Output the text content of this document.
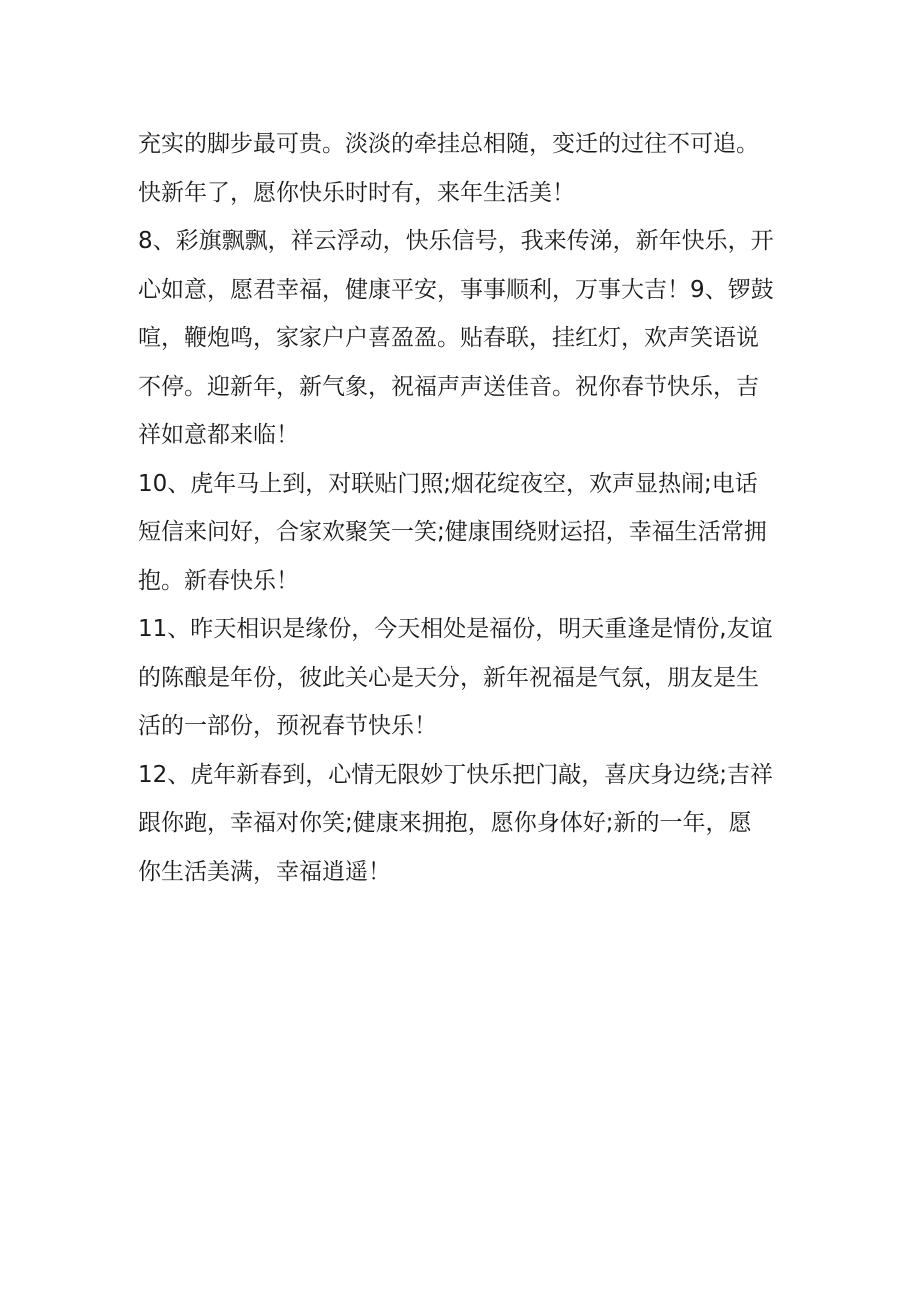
充实的脚步最可贵。淡淡的牵挂总相随，变迁的过往不可追。
快新年了，愿你快乐时时有，来年生活美！
8、彩旗飘飘，祥云浮动，快乐信号，我来传涕，新年快乐，开
心如意，愿君幸福，健康平安，事事顺利，万事大吉！9、锣鼓
喧，鞭炮鸣，家家户户喜盈盈。贴春联，挂红灯，欢声笑语说
不停。迎新年，新气象，祝福声声送佳音。祝你春节快乐，吉
祥如意都来临！
10、虎年马上到，对联贴门照;烟花绽夜空，欢声显热闹;电话
短信来问好，合家欢聚笑一笑;健康围绕财运招，幸福生活常拥
抱。新春快乐！
11、昨天相识是缘份，今天相处是福份，明天重逢是情份,友谊
的陈酿是年份，彼此关心是天分，新年祝福是气氛，朋友是生
活的一部份，预祝春节快乐！
12、虎年新春到，心情无限妙丁快乐把门敲，喜庆身边绕;吉祥
跟你跑，幸福对你笑;健康来拥抱，愿你身体好;新的一年，愿
你生活美满，幸福逍遥！
